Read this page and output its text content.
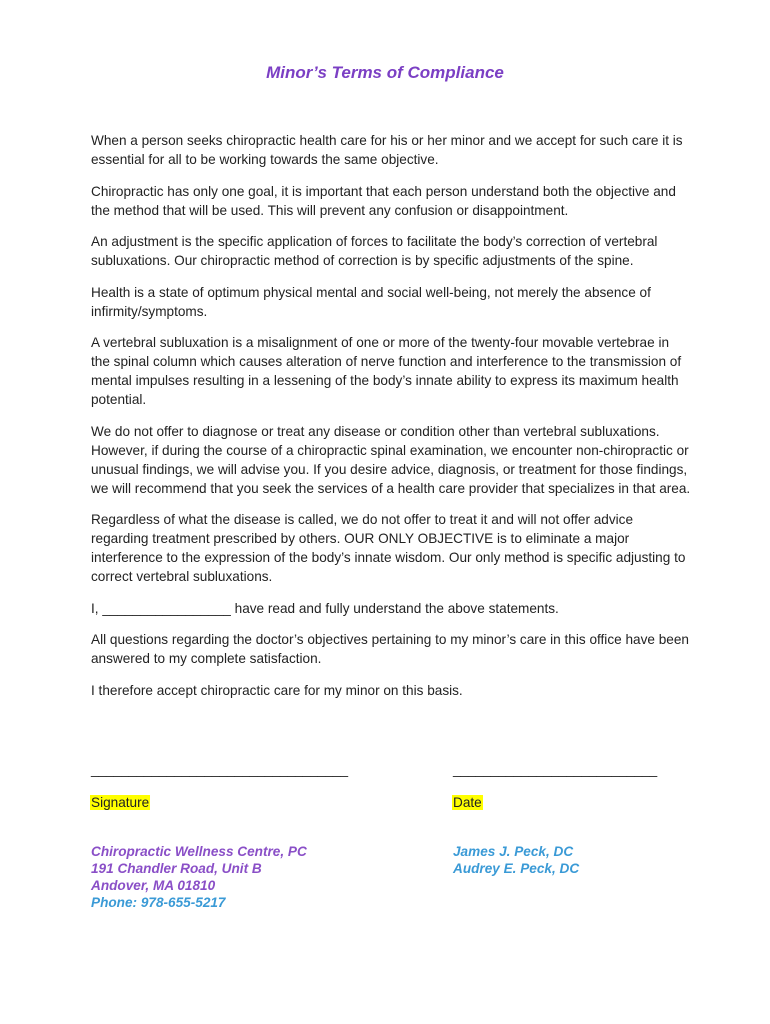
Minor’s Terms of Compliance

When a person seeks chiropractic health care for his or her minor and we accept for such care it is essential for all to be working towards the same objective.

Chiropractic has only one goal, it is important that each person understand both the objective and the method that will be used. This will prevent any confusion or disappointment.

An adjustment is the specific application of forces to facilitate the body’s correction of vertebral subluxations. Our chiropractic method of correction is by specific adjustments of the spine.

Health is a state of optimum physical mental and social well-being, not merely the absence of infirmity/symptoms.

A vertebral subluxation is a misalignment of one or more of the twenty-four movable vertebrae in the spinal column which causes alteration of nerve function and interference to the transmission of mental impulses resulting in a lessening of the body’s innate ability to express its maximum health potential.

We do not offer to diagnose or treat any disease or condition other than vertebral subluxations. However, if during the course of a chiropractic spinal examination, we encounter non-chiropractic or unusual findings, we will advise you. If you desire advice, diagnosis, or treatment for those findings, we will recommend that you seek the services of a health care provider that specializes in that area.

Regardless of what the disease is called, we do not offer to treat it and will not offer advice regarding treatment prescribed by others. OUR ONLY OBJECTIVE is to eliminate a major interference to the expression of the body’s innate wisdom. Our only method is specific adjusting to correct vertebral subluxations.

I, _________________ have read and fully understand the above statements.

All questions regarding the doctor’s objectives pertaining to my minor’s care in this office have been answered to my complete satisfaction.

I therefore accept chiropractic care for my minor on this basis.

__________________________________	___________________________
Signature	Date
Chiropractic Wellness Centre, PC
191 Chandler Road, Unit B
Andover, MA 01810
Phone: 978-655-5217
James J. Peck, DC
Audrey E. Peck, DC
